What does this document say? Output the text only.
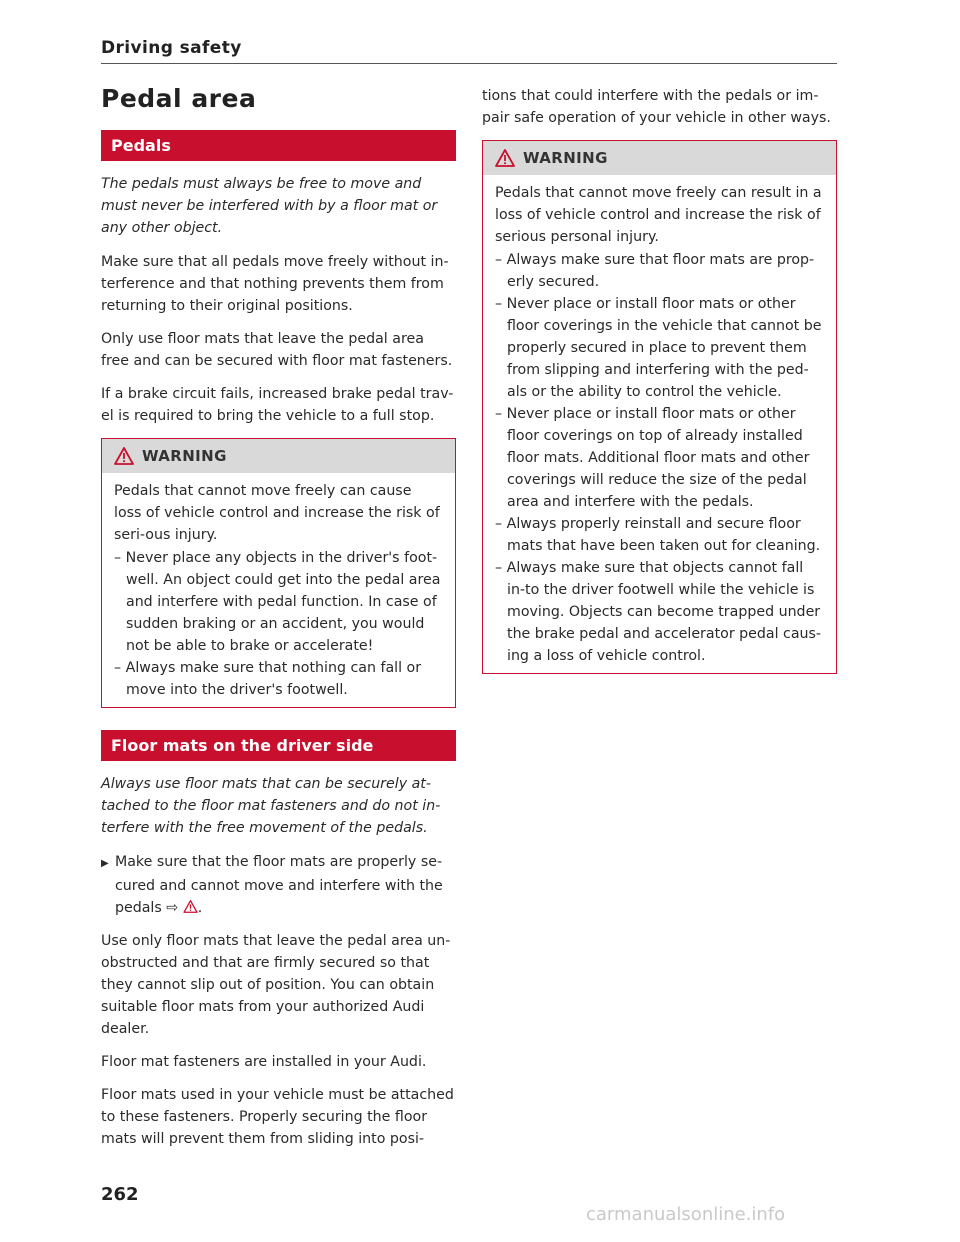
Driving safety
Pedal area
Pedals

The pedals must always be free to move and must never be interfered with by a floor mat or any other object.

Make sure that all pedals move freely without in-terference and that nothing prevents them from returning to their original positions.

Only use floor mats that leave the pedal area free and can be secured with floor mat fasteners.

If a brake circuit fails, increased brake pedal trav-el is required to bring the vehicle to a full stop.

WARNING

Pedals that cannot move freely can cause loss of vehicle control and increase the risk of seri-ous injury.

– Never place any objects in the driver's foot-well. An object could get into the pedal area and interfere with pedal function. In case of sudden braking or an accident, you would not be able to brake or accelerate!
– Always make sure that nothing can fall or move into the driver's footwell.
Floor mats on the driver side

Always use floor mats that can be securely at-tached to the floor mat fasteners and do not in-terfere with the free movement of the pedals.

▶ Make sure that the floor mats are properly se-cured and cannot move and interfere with the pedals ⇨ .

Use only floor mats that leave the pedal area un-obstructed and that are firmly secured so that they cannot slip out of position. You can obtain suitable floor mats from your authorized Audi dealer.

Floor mat fasteners are installed in your Audi.

Floor mats used in your vehicle must be attached to these fasteners. Properly securing the floor mats will prevent them from sliding into posi-

tions that could interfere with the pedals or im-pair safe operation of your vehicle in other ways.

WARNING

Pedals that cannot move freely can result in a loss of vehicle control and increase the risk of serious personal injury.

– Always make sure that floor mats are prop-erly secured.
– Never place or install floor mats or other floor coverings in the vehicle that cannot be properly secured in place to prevent them from slipping and interfering with the ped-als or the ability to control the vehicle.
– Never place or install floor mats or other floor coverings on top of already installed floor mats. Additional floor mats and other coverings will reduce the size of the pedal area and interfere with the pedals.
– Always properly reinstall and secure floor mats that have been taken out for cleaning.
– Always make sure that objects cannot fall in-to the driver footwell while the vehicle is moving. Objects can become trapped under the brake pedal and accelerator pedal caus-ing a loss of vehicle control.
262
carmanualsonline.info
